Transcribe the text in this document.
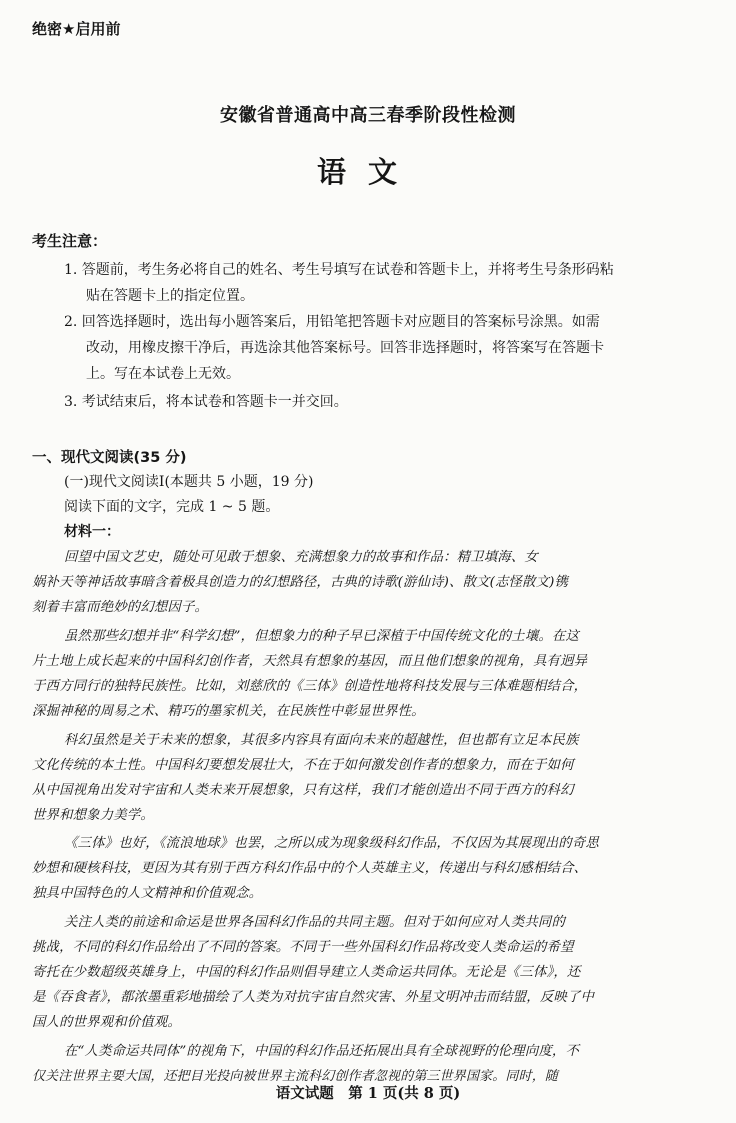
绝密★启用前
安徽省普通高中高三春季阶段性检测
语文
考生注意：
1. 答题前，考生务必将自己的姓名、考生号填写在试卷和答题卡上，并将考生号条形码粘
贴在答题卡上的指定位置。
2. 回答选择题时，选出每小题答案后，用铅笔把答题卡对应题目的答案标号涂黑。如需
改动，用橡皮擦干净后，再选涂其他答案标号。回答非选择题时，将答案写在答题卡
上。写在本试卷上无效。
3. 考试结束后，将本试卷和答题卡一并交回。
一、现代文阅读(35 分)
(一)现代文阅读Ⅰ(本题共 5 小题，19 分)
阅读下面的文字，完成 1 ~ 5 题。
材料一：
回望中国文艺史，随处可见敢于想象、充满想象力的故事和作品：精卫填海、女
娲补天等神话故事暗含着极具创造力的幻想路径，古典的诗歌(游仙诗)、散文(志怪散文)镌
刻着丰富而绝妙的幻想因子。
虽然那些幻想并非“科学幻想”，但想象力的种子早已深植于中国传统文化的土壤。在这
片土地上成长起来的中国科幻创作者，天然具有想象的基因，而且他们想象的视角，具有迥异
于西方同行的独特民族性。比如，刘慈欣的《三体》创造性地将科技发展与三体难题相结合，
深掘神秘的周易之术、精巧的墨家机关，在民族性中彰显世界性。
科幻虽然是关于未来的想象，其很多内容具有面向未来的超越性，但也都有立足本民族
文化传统的本土性。中国科幻要想发展壮大，不在于如何激发创作者的想象力，而在于如何
从中国视角出发对宇宙和人类未来开展想象，只有这样，我们才能创造出不同于西方的科幻
世界和想象力美学。
《三体》也好，《流浪地球》也罢，之所以成为现象级科幻作品，不仅因为其展现出的奇思
妙想和硬核科技，更因为其有别于西方科幻作品中的个人英雄主义，传递出与科幻感相结合、
独具中国特色的人文精神和价值观念。
关注人类的前途和命运是世界各国科幻作品的共同主题。但对于如何应对人类共同的
挑战，不同的科幻作品给出了不同的答案。不同于一些外国科幻作品将改变人类命运的希望
寄托在少数超级英雄身上，中国的科幻作品则倡导建立人类命运共同体。无论是《三体》，还
是《吞食者》，都浓墨重彩地描绘了人类为对抗宇宙自然灾害、外星文明冲击而结盟，反映了中
国人的世界观和价值观。
在“人类命运共同体”的视角下，中国的科幻作品还拓展出具有全球视野的伦理向度，不
仅关注世界主要大国，还把目光投向被世界主流科幻创作者忽视的第三世界国家。同时，随
语文试题　第 1 页(共 8 页)
